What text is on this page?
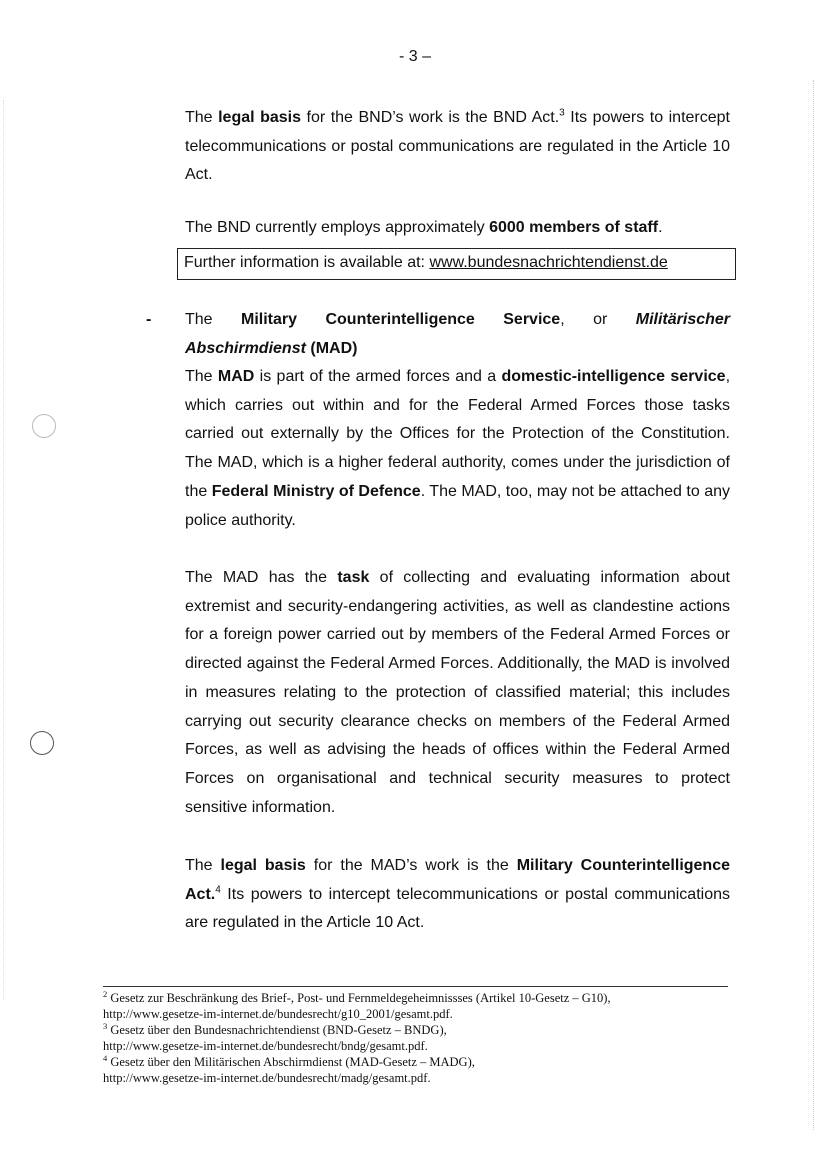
- 3 –
The legal basis for the BND’s work is the BND Act.$^3$ Its powers to intercept telecommunications or postal communications are regulated in the Article 10 Act.
The BND currently employs approximately 6000 members of staff.
Further information is available at: www.bundesnachrichtendienst.de
- The Military Counterintelligence Service, or Militärischer Abschirmdienst (MAD)
The MAD is part of the armed forces and a domestic-intelligence service, which carries out within and for the Federal Armed Forces those tasks carried out externally by the Offices for the Protection of the Constitution. The MAD, which is a higher federal authority, comes under the jurisdiction of the Federal Ministry of Defence. The MAD, too, may not be attached to any police authority.
The MAD has the task of collecting and evaluating information about extremist and security-endangering activities, as well as clandestine actions for a foreign power carried out by members of the Federal Armed Forces or directed against the Federal Armed Forces. Additionally, the MAD is involved in measures relating to the protection of classified material; this includes carrying out security clearance checks on members of the Federal Armed Forces, as well as advising the heads of offices within the Federal Armed Forces on organisational and technical security measures to protect sensitive information.
The legal basis for the MAD’s work is the Military Counterintelligence Act.$^4$ Its powers to intercept telecommunications or postal communications are regulated in the Article 10 Act.
$^2$ Gesetz zur Beschränkung des Brief-, Post- und Fernmeldegeheimnissses (Artikel 10-Gesetz – G10),
http://www.gesetze-im-internet.de/bundesrecht/g10_2001/gesamt.pdf.
$^3$ Gesetz über den Bundesnachrichtendienst (BND-Gesetz – BNDG),
http://www.gesetze-im-internet.de/bundesrecht/bndg/gesamt.pdf.
$^4$ Gesetz über den Militärischen Abschirmdienst (MAD-Gesetz – MADG),
http://www.gesetze-im-internet.de/bundesrecht/madg/gesamt.pdf.
